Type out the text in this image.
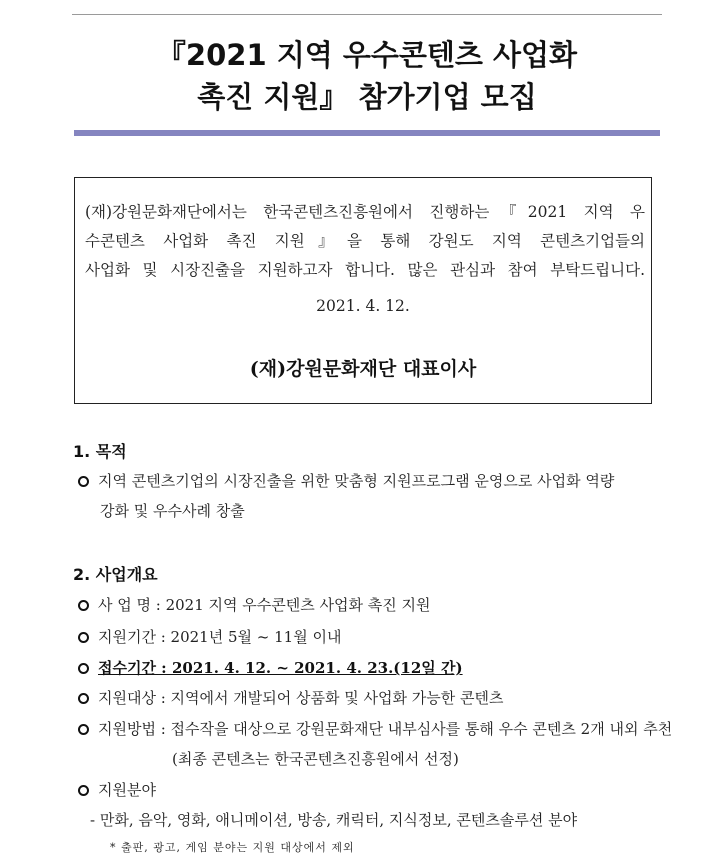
『2021 지역 우수콘텐츠 사업화
촉진 지원』 참가기업 모집
(재)강원문화재단에서는 한국콘텐츠진흥원에서 진행하는『2021 지역 우
수콘텐츠 사업화 촉진 지원』을 통해 강원도 지역 콘텐츠기업들의
사업화 및 시장진출을 지원하고자 합니다. 많은 관심과 참여 부탁드립니다.
2021. 4. 12.
(재)강원문화재단 대표이사
1. 목적
지역 콘텐츠기업의 시장진출을 위한 맞춤형 지원프로그램 운영으로 사업화 역량
강화 및 우수사례 창출
2. 사업개요
사 업 명 : 2021 지역 우수콘텐츠 사업화 촉진 지원
지원기간 : 2021년 5월 ~ 11월 이내
접수기간 : 2021. 4. 12. ~ 2021. 4. 23.(12일 간)
지원대상 : 지역에서 개발되어 상품화 및 사업화 가능한 콘텐츠
지원방법 : 접수작을 대상으로 강원문화재단 내부심사를 통해 우수 콘텐츠 2개 내외 추천
(최종 콘텐츠는 한국콘텐츠진흥원에서 선정)
지원분야
- 만화, 음악, 영화, 애니메이션, 방송, 캐릭터, 지식정보, 콘텐츠솔루션 분야
* 출판, 광고, 게임 분야는 지원 대상에서 제외
